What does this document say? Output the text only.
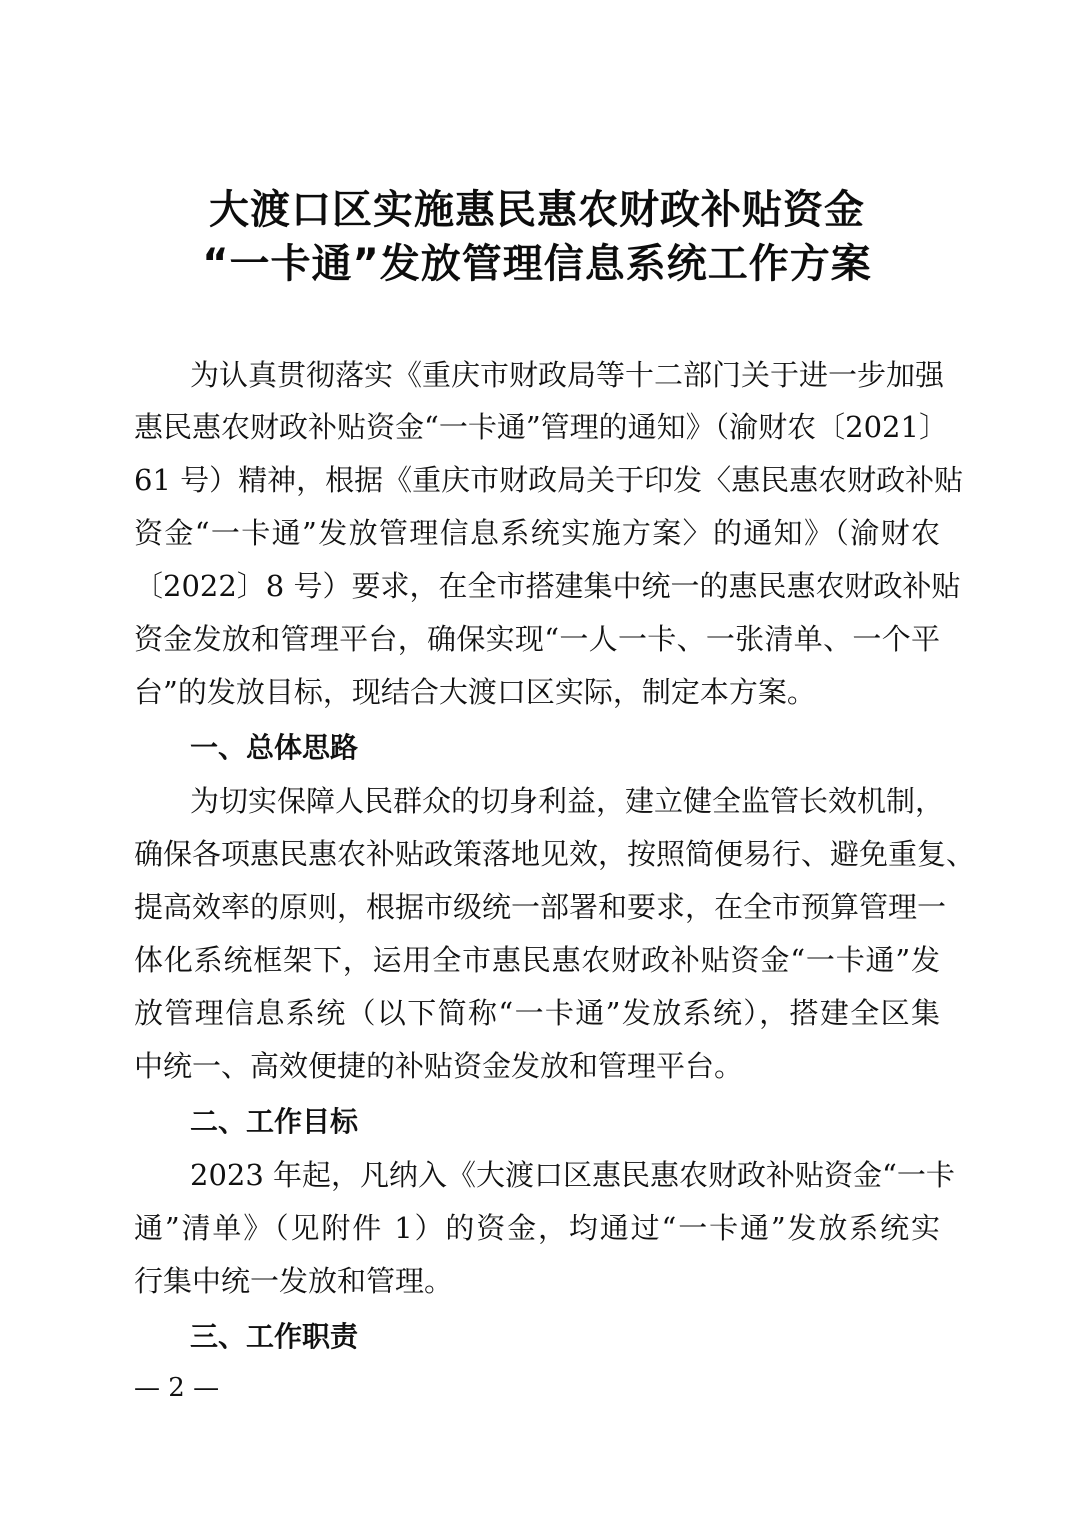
大渡口区实施惠民惠农财政补贴资金
“一卡通”发放管理信息系统工作方案
为认真贯彻落实《重庆市财政局等十二部门关于进一步加强
惠民惠农财政补贴资金“一卡通”管理的通知》（渝财农〔2021〕
61 号）精神，根据《重庆市财政局关于印发〈惠民惠农财政补贴
资金“一卡通”发放管理信息系统实施方案〉的通知》（渝财农
〔2022〕8 号）要求，在全市搭建集中统一的惠民惠农财政补贴
资金发放和管理平台，确保实现“一人一卡、一张清单、一个平
台”的发放目标，现结合大渡口区实际，制定本方案。
一、总体思路
为切实保障人民群众的切身利益，建立健全监管长效机制，
确保各项惠民惠农补贴政策落地见效，按照简便易行、避免重复、
提高效率的原则，根据市级统一部署和要求，在全市预算管理一
体化系统框架下，运用全市惠民惠农财政补贴资金“一卡通”发
放管理信息系统（以下简称“一卡通”发放系统），搭建全区集
中统一、高效便捷的补贴资金发放和管理平台。
二、工作目标
2023 年起，凡纳入《大渡口区惠民惠农财政补贴资金“一卡
通”清单》（见附件 1）的资金，均通过“一卡通”发放系统实
行集中统一发放和管理。
三、工作职责
— 2 —
